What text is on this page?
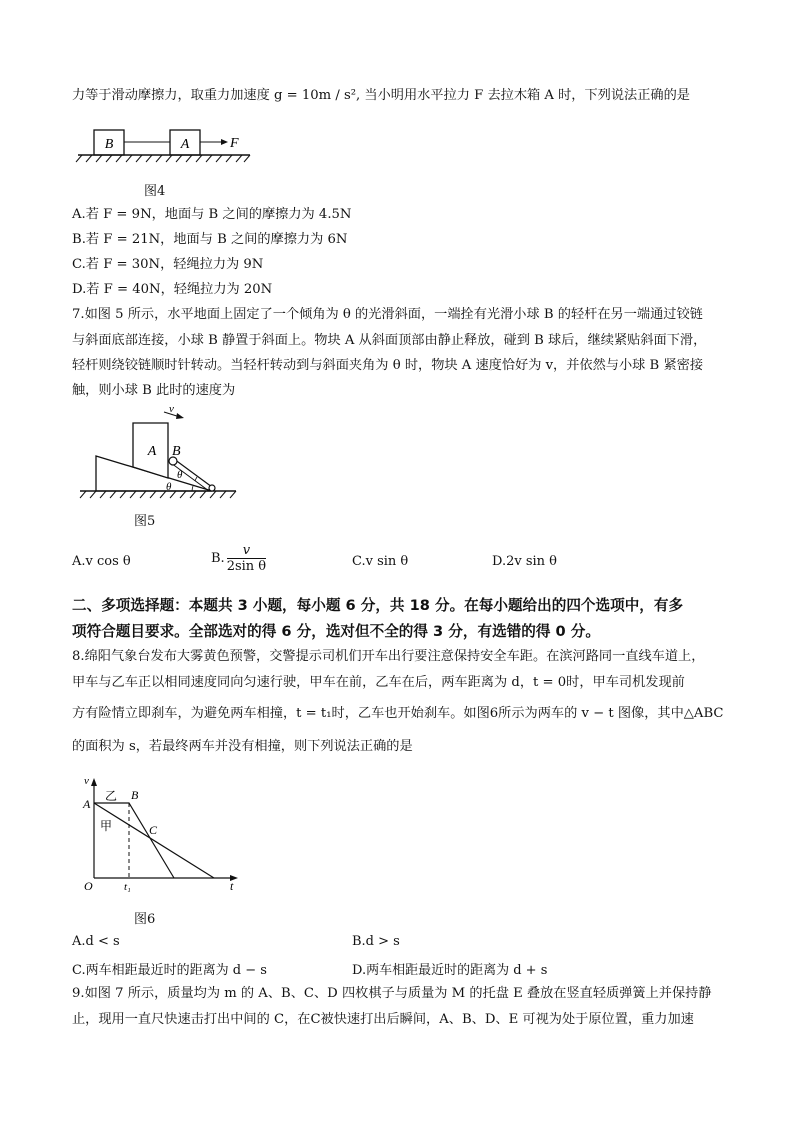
力等于滑动摩擦力，取重力加速度 g = 10m / s², 当小明用水平拉力 F 去拉木箱 A 时，下列说法正确的是
B	A	F
图4
A.若 F = 9N，地面与 B 之间的摩擦力为 4.5N
B.若 F = 21N，地面与 B 之间的摩擦力为 6N
C.若 F = 30N，轻绳拉力为 9N
D.若 F = 40N，轻绳拉力为 20N
7.如图 5 所示，水平地面上固定了一个倾角为 θ 的光滑斜面，一端拴有光滑小球 B 的轻杆在另一端通过铰链
与斜面底部连接，小球 B 静置于斜面上。物块 A 从斜面顶部由静止释放，碰到 B 球后，继续紧贴斜面下滑，
轻杆则绕铰链顺时针转动。当轻杆转动到与斜面夹角为 θ 时，物块 A 速度恰好为 v，并依然与小球 B 紧密接
触，则小球 B 此时的速度为
v
A B
θ
θ
图5
A.v cos θ	B. $\frac{v}{\text{2sin θ}}$	C.v sin θ	D.2v sin θ
二、多项选择题：本题共 3 小题，每小题 6 分，共 18 分。在每小题给出的四个选项中，有多
项符合题目要求。全部选对的得 6 分，选对但不全的得 3 分，有选错的得 0 分。
8.绵阳气象台发布大雾黄色预警，交警提示司机们开车出行要注意保持安全车距。在滨河路同一直线车道上，
甲车与乙车正以相同速度同向匀速行驶，甲车在前，乙车在后，两车距离为 d，t = 0时，甲车司机发现前
方有险情立即刹车，为避免两车相撞，t = t₁时，乙车也开始刹车。如图6所示为两车的 v − t 图像，其中△ABC
的面积为 s，若最终两车并没有相撞，则下列说法正确的是
v
A
B
C
乙
甲
O	t₁	t
图6
A.d < s	B.d > s
C.两车相距最近时的距离为 d − s	D.两车相距最近时的距离为 d + s
9.如图 7 所示，质量均为 m 的 A、B、C、D 四枚棋子与质量为 M 的托盘 E 叠放在竖直轻质弹簧上并保持静
止，现用一直尺快速击打出中间的 C，在C被快速打出后瞬间，A、B、D、E 可视为处于原位置，重力加速
